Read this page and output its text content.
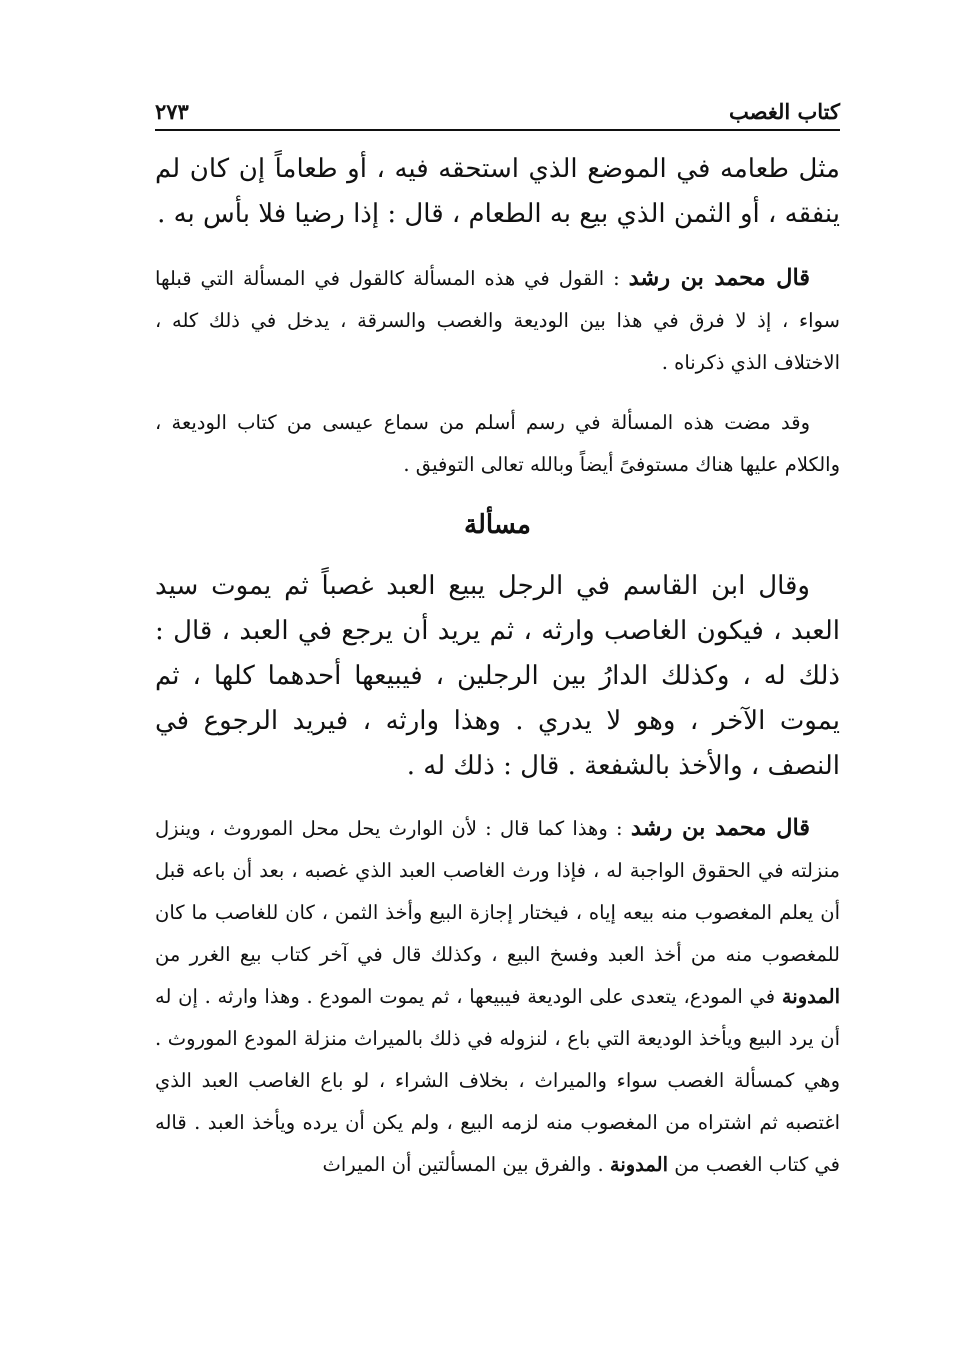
كتاب الغصب
٢٧٣

مثل طعامه في الموضع الذي استحقه فيه ، أو طعاماً إن كان لم ينفقه ، أو الثمن الذي بيع به الطعام ، قال : إذا رضيا فلا بأس به .

قال محمد بن رشد : القول في هذه المسألة كالقول في المسألة التي قبلها سواء ، إذ لا فرق في هذا بين الوديعة والغصب والسرقة ، يدخل في ذلك كله ، الاختلاف الذي ذكرناه .

وقد مضت هذه المسألة في رسم أسلم من سماع عيسى من كتاب الوديعة ، والكلام عليها هناك مستوفىً أيضاً وبالله تعالى التوفيق .

مسألة

وقال ابن القاسم في الرجل يبيع العبد غصباً ثم يموت سيد العبد ، فيكون الغاصب وارثه ، ثم يريد أن يرجع في العبد ، قال : ذلك له ، وكذلك الدارُ بين الرجلين ، فيبيعها أحدهما كلها ، ثم يموت الآخر ، وهو لا يدري . وهذا وارثه ، فيريد الرجوع في النصف ، والأخذ بالشفعة . قال : ذلك له .

قال محمد بن رشد : وهذا كما قال : لأن الوارث يحل محل الموروث ، وينزل منزلته في الحقوق الواجبة له ، فإذا ورث الغاصب العبد الذي غصبه ، بعد أن باعه قبل أن يعلم المغصوب منه بيعه إياه ، فيختار إجازة البيع وأخذ الثمن ، كان للغاصب ما كان للمغصوب منه من أخذ العبد وفسخ البيع ، وكذلك قال في آخر كتاب بيع الغرر من المدونة في المودع، يتعدى على الوديعة فيبيعها ، ثم يموت المودع . وهذا وارثه . إن له أن يرد البيع ويأخذ الوديعة التي باع ، لنزوله في ذلك بالميراث منزلة المودع الموروث . وهي كمسألة الغصب سواء والميراث ، بخلاف الشراء ، لو باع الغاصب العبد الذي اغتصبه ثم اشتراه من المغصوب منه لزمه البيع ، ولم يكن أن يرده ويأخذ العبد . قاله في كتاب الغصب من المدونة . والفرق بين المسألتين أن الميراث
